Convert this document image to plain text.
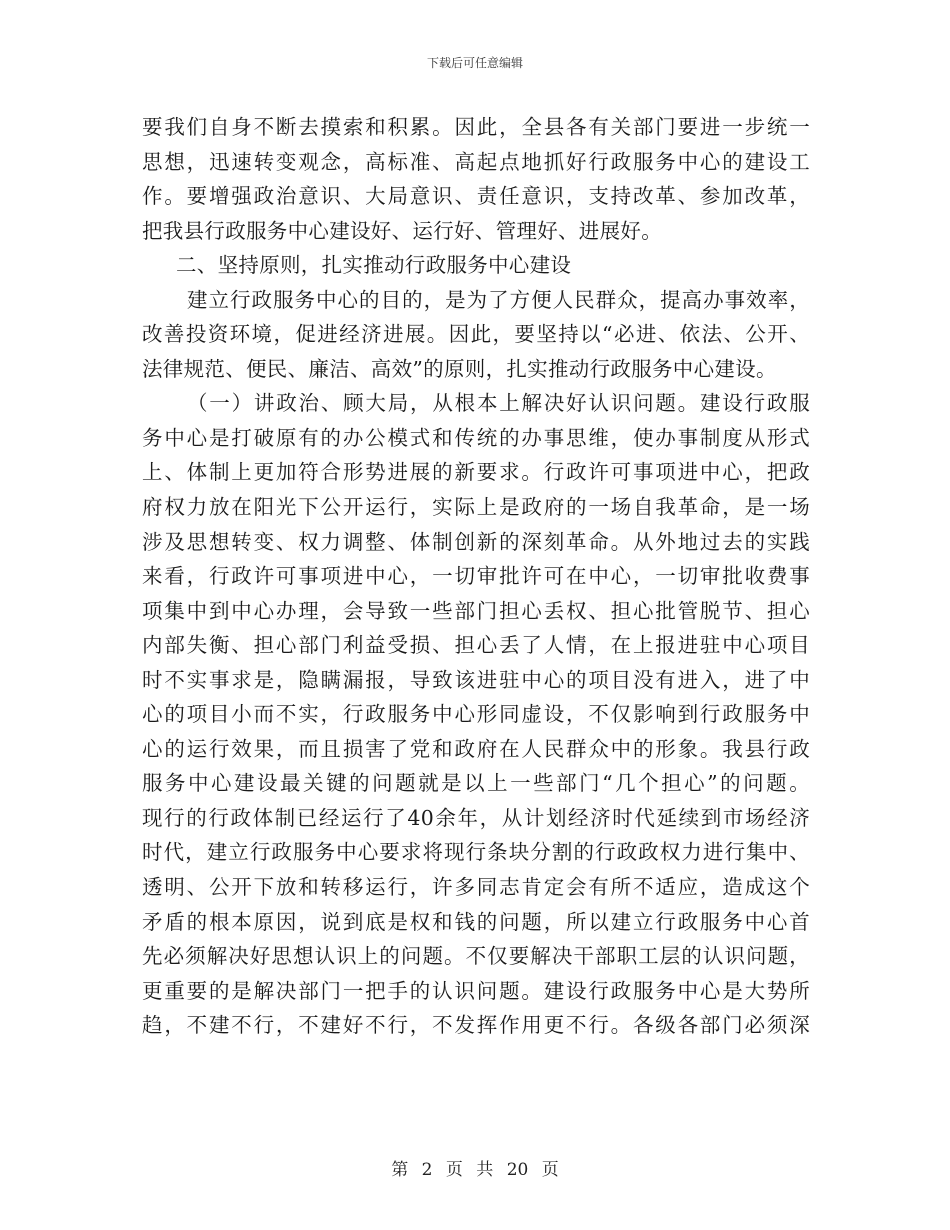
下载后可任意编辑
要我们自身不断去摸索和积累。因此，全县各有关部门要进一步统一
思想，迅速转变观念，高标准、高起点地抓好行政服务中心的建设工
作。要增强政治意识、大局意识、责任意识，支持改革、参加改革，
把我县行政服务中心建设好、运行好、管理好、进展好。
二、坚持原则，扎实推动行政服务中心建设
建立行政服务中心的目的，是为了方便人民群众，提高办事效率，
改善投资环境，促进经济进展。因此，要坚持以“必进、依法、公开、
法律规范、便民、廉洁、高效”的原则，扎实推动行政服务中心建设。
（一）讲政治、顾大局，从根本上解决好认识问题。建设行政服
务中心是打破原有的办公模式和传统的办事思维，使办事制度从形式
上、体制上更加符合形势进展的新要求。行政许可事项进中心，把政
府权力放在阳光下公开运行，实际上是政府的一场自我革命，是一场
涉及思想转变、权力调整、体制创新的深刻革命。从外地过去的实践
来看，行政许可事项进中心，一切审批许可在中心，一切审批收费事
项集中到中心办理，会导致一些部门担心丢权、担心批管脱节、担心
内部失衡、担心部门利益受损、担心丢了人情，在上报进驻中心项目
时不实事求是，隐瞒漏报，导致该进驻中心的项目没有进入，进了中
心的项目小而不实，行政服务中心形同虚设，不仅影响到行政服务中
心的运行效果，而且损害了党和政府在人民群众中的形象。我县行政
服务中心建设最关键的问题就是以上一些部门“几个担心”的问题。
现行的行政体制已经运行了40余年，从计划经济时代延续到市场经济
时代，建立行政服务中心要求将现行条块分割的行政政权力进行集中、
透明、公开下放和转移运行，许多同志肯定会有所不适应，造成这个
矛盾的根本原因，说到底是权和钱的问题，所以建立行政服务中心首
先必须解决好思想认识上的问题。不仅要解决干部职工层的认识问题，
更重要的是解决部门一把手的认识问题。建设行政服务中心是大势所
趋，不建不行，不建好不行，不发挥作用更不行。各级各部门必须深
第 2 页 共 20 页
